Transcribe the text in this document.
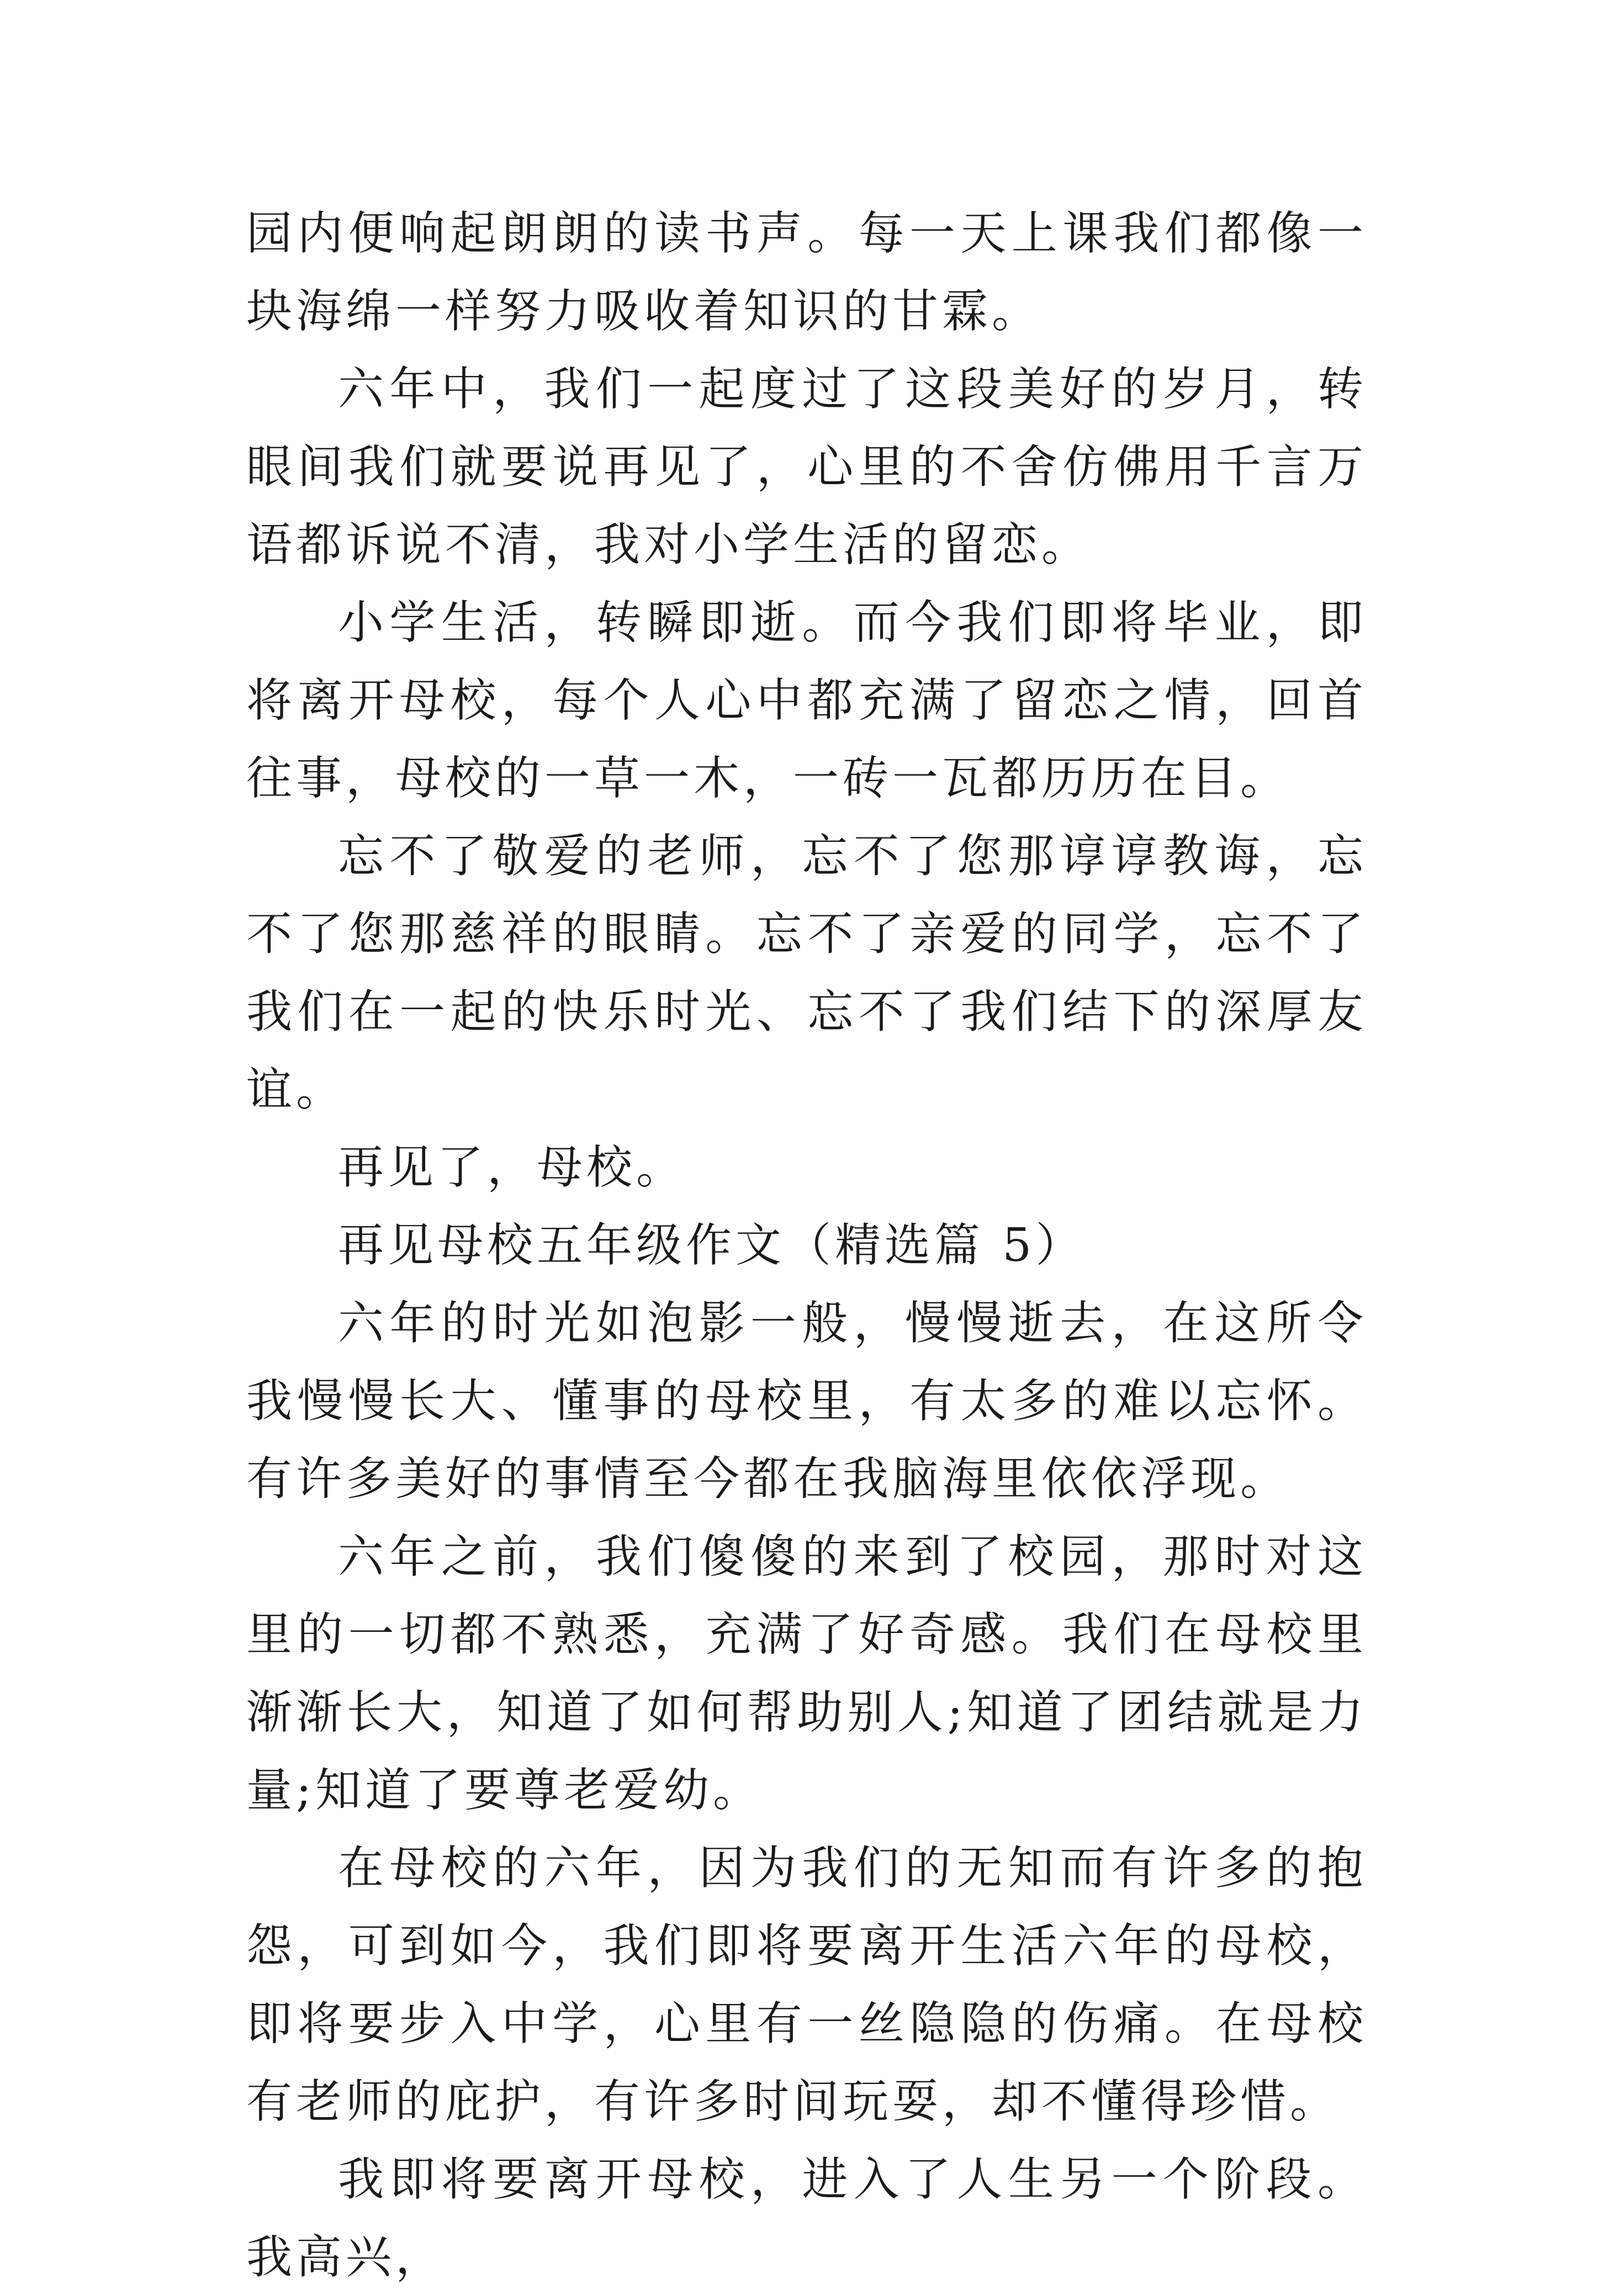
园内便响起朗朗的读书声。每一天上课我们都像一块海绵一样努力吸收着知识的甘霖。

六年中，我们一起度过了这段美好的岁月，转眼间我们就要说再见了，心里的不舍仿佛用千言万语都诉说不清，我对小学生活的留恋。

小学生活，转瞬即逝。而今我们即将毕业，即将离开母校，每个人心中都充满了留恋之情，回首往事，母校的一草一木，一砖一瓦都历历在目。

忘不了敬爱的老师，忘不了您那谆谆教诲，忘不了您那慈祥的眼睛。忘不了亲爱的同学，忘不了我们在一起的快乐时光、忘不了我们结下的深厚友谊。

再见了，母校。

再见母校五年级作文（精选篇 5）

六年的时光如泡影一般，慢慢逝去，在这所令我慢慢长大、懂事的母校里，有太多的难以忘怀。有许多美好的事情至今都在我脑海里依依浮现。

六年之前，我们傻傻的来到了校园，那时对这里的一切都不熟悉，充满了好奇感。我们在母校里渐渐长大，知道了如何帮助别人;知道了团结就是力量;知道了要尊老爱幼。

在母校的六年，因为我们的无知而有许多的抱怨，可到如今，我们即将要离开生活六年的母校，即将要步入中学，心里有一丝隐隐的伤痛。在母校有老师的庇护，有许多时间玩耍，却不懂得珍惜。

我即将要离开母校，进入了人生另一个阶段。我高兴，
